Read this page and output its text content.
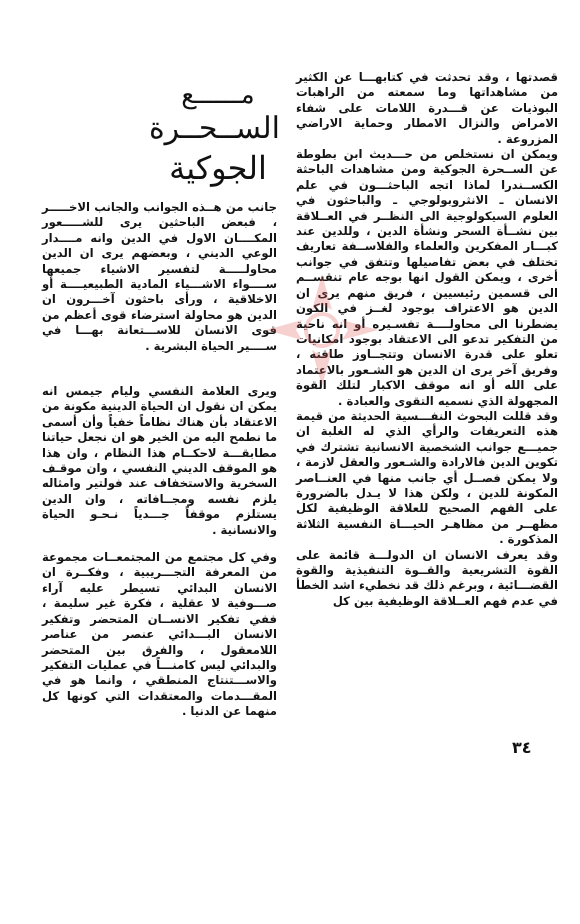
مــــــع
الســحــرة
الجوكية

قصدتها ، وقد تحدثت في كتابهـــا عن الكثير من مشاهداتها وما سمعته من الراهبات البوذيات عن قـــدرة اللامات على شفاء الامراض والنزال الامطار وحماية الاراضي المزروعة .

ويمكن ان نستخلص من حـــديث ابن بطوطة عن الســحرة الجوكية ومن مشاهدات الباحثة الكســندرا لماذا اتجه الباحثـــون في علم الانسان ـ الانثروبولوجي ـ والباحثون في العلوم السيكولوجية الى النظــر في العــلاقة بين نشــأة السحر ونشأة الدين ، وللدين عند كبـــار المفكرين والعلماء والفلاســفة تعاريف تختلف في بعض تفاصيلها وتتفق في جوانب أخرى ، ويمكن القول انها بوجه عام تنقســم الى قسمين رئيسيين ، فريق منهم يرى ان الدين هو الاعتراف بوجود لغــز في الكون يضطرنا الى محاولــــة تفسـيره أو انه ناحية من التفكير تدعو الى الاعتقاد بوجود امكانيات تعلو على قدرة الانسان وتتجــاوز طاقته ، وفريق آخر يرى ان الدين هو الشـعور بالاعتماد على الله أو انه موقف الاكبار لتلك القوة المجهولة الذي نسميه التقوى والعبادة .

وقد قللت البحوث النفـــسية الحديثة من قيمة هذه التعريفات والرأي الذي له الغلبة ان جميـــع جوانب الشخصية الانسانية تشترك في تكوين الدين فالارادة والشـعور والعقل لازمة ، ولا يمكن فصــل أي جانب منها في العنــاصر المكونة للدين ، ولكن هذا لا يـدل بالضرورة على الفهم الصحيح للعلاقة الوظيفية لكل مظهــر من مظاهـر الحيـــاة النفسية الثلاثة المذكورة .

وقد يعرف الانسان ان الدولـــة قائمة على القوة التشريعية والقــوة التنفيذية والقوة القضـــائية ، وبرغم ذلك قد نخطيء اشد الخطأ في عدم فهم العــلاقة الوظيفية بين كل

جانب من هــذه الجوانب والجانب الاخـــــر ، فبعض الباحثين يرى للشـــــعور المكــــان الاول في الدين وانه مــــدار الوعي الديني ، وبعضهم يرى ان الدين محاولـــــة لتفسير الاشياء جميعها ســــواء الاشـــياء المادية الطبيعيــــة أو الاخلاقية ، ورأى باحثون آخـــرون ان الدين هو محاولة استرضاء قوى أعظم من قوى الانسان للاســـتعانة بهـــا في ســــير الحياة البشرية .

ويرى العلامة النفسي وليام جيمس انه يمكن ان نقول ان الحياة الدينية مكونة من الاعتقاد بأن هناك نظاماً خفياً وأن أسمى ما نطمح اليه من الخير هو ان نجعل حياتنا مطابقـــة لاحكــام هذا النظام ، وان هذا هو الموقف الديني النفسي ، وان موقـف السخرية والاستخفاف عند فولتير وامثاله يلزم نفسه ومجــافاته ، وان الدين يستلزم موقفاً جـــدياً نـحـو الحياة والانسانية .

وفي كل مجتمع من المجتمعــات مجموعة من المعرفة التجـــريبية ، وفكــرة ان الانسان البدائي تسيطر عليه آراء صـــوفية لا عقلية ، فكرة غير سليمة ، ففي تفكير الانســان المتحضر وتفكير الانسان البـــدائي عنصر من عناصر اللامعقول ، والفرق بين المتحضر والبدائي ليس كامنـــاً في عمليات التفكير والاســـتنتاج المنطقي ، وانما هو في المقـــدمات والمعتقدات التي كونها كل منهما عن الدنيا .

٣٤
